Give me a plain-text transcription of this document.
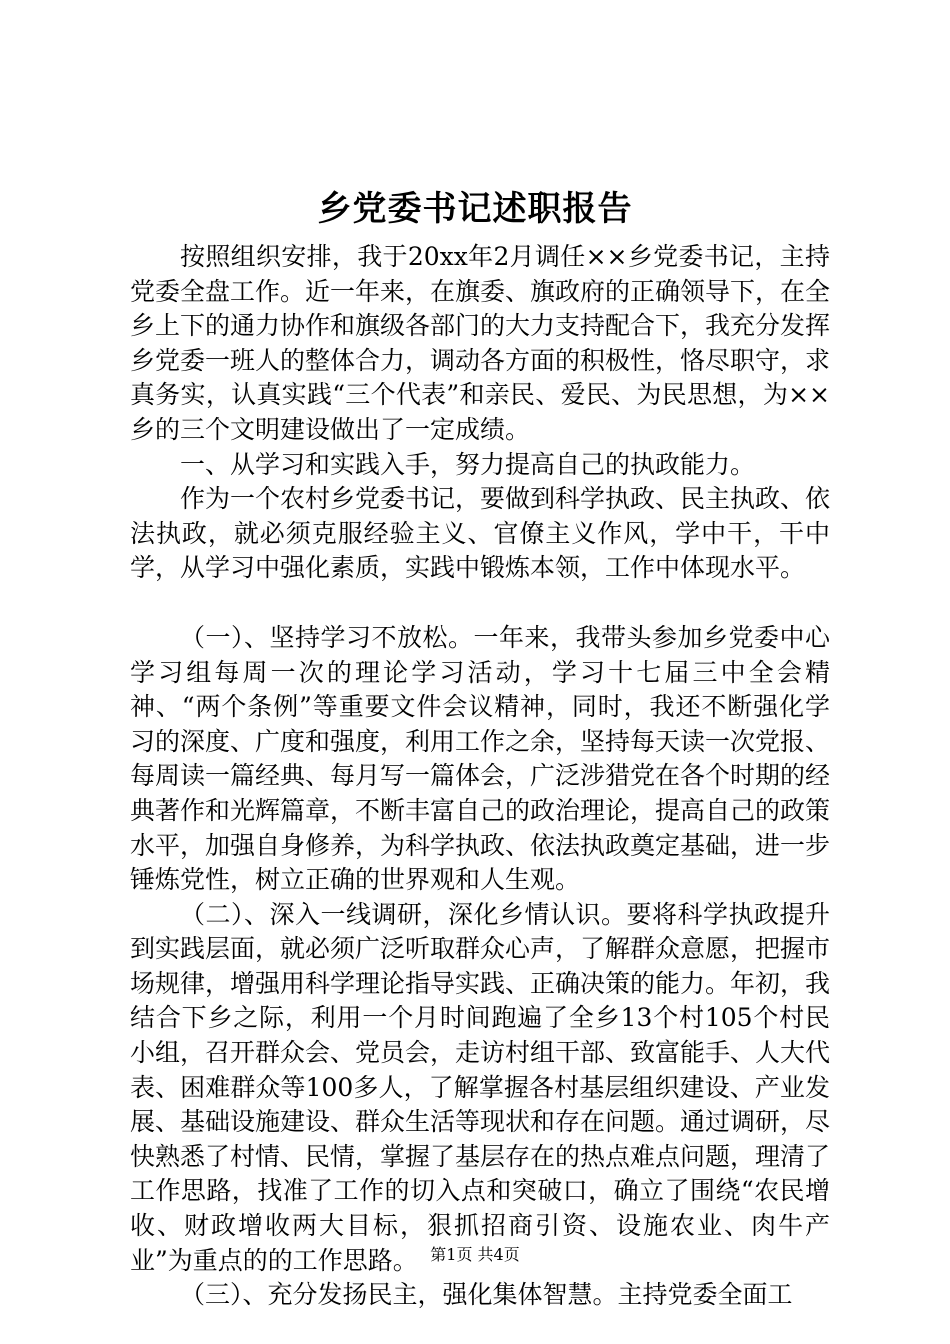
乡党委书记述职报告

按照组织安排，我于20xx年2月调任××乡党委书记，主持党委全盘工作。近一年来，在旗委、旗政府的正确领导下，在全乡上下的通力协作和旗级各部门的大力支持配合下，我充分发挥乡党委一班人的整体合力，调动各方面的积极性，恪尽职守，求真务实，认真实践“三个代表”和亲民、爱民、为民思想，为××乡的三个文明建设做出了一定成绩。

一、从学习和实践入手，努力提高自己的执政能力。

作为一个农村乡党委书记，要做到科学执政、民主执政、依法执政，就必须克服经验主义、官僚主义作风，学中干，干中学，从学习中强化素质，实践中锻炼本领，工作中体现水平。

（一）、坚持学习不放松。一年来，我带头参加乡党委中心学习组每周一次的理论学习活动，学习十七届三中全会精神、“两个条例”等重要文件会议精神，同时，我还不断强化学习的深度、广度和强度，利用工作之余，坚持每天读一次党报、每周读一篇经典、每月写一篇体会，广泛涉猎党在各个时期的经典著作和光辉篇章，不断丰富自己的政治理论，提高自己的政策水平，加强自身修养，为科学执政、依法执政奠定基础，进一步锤炼党性，树立正确的世界观和人生观。

（二）、深入一线调研，深化乡情认识。要将科学执政提升到实践层面，就必须广泛听取群众心声，了解群众意愿，把握市场规律，增强用科学理论指导实践、正确决策的能力。年初，我结合下乡之际，利用一个月时间跑遍了全乡13个村105个村民小组，召开群众会、党员会，走访村组干部、致富能手、人大代表、困难群众等100多人，了解掌握各村基层组织建设、产业发展、基础设施建设、群众生活等现状和存在问题。通过调研，尽快熟悉了村情、民情，掌握了基层存在的热点难点问题，理清了工作思路，找准了工作的切入点和突破口，确立了围绕“农民增收、财政增收两大目标，狠抓招商引资、设施农业、肉牛产业”为重点的的工作思路。

（三）、充分发扬民主，强化集体智慧。主持党委全面工

第1页 共4页
